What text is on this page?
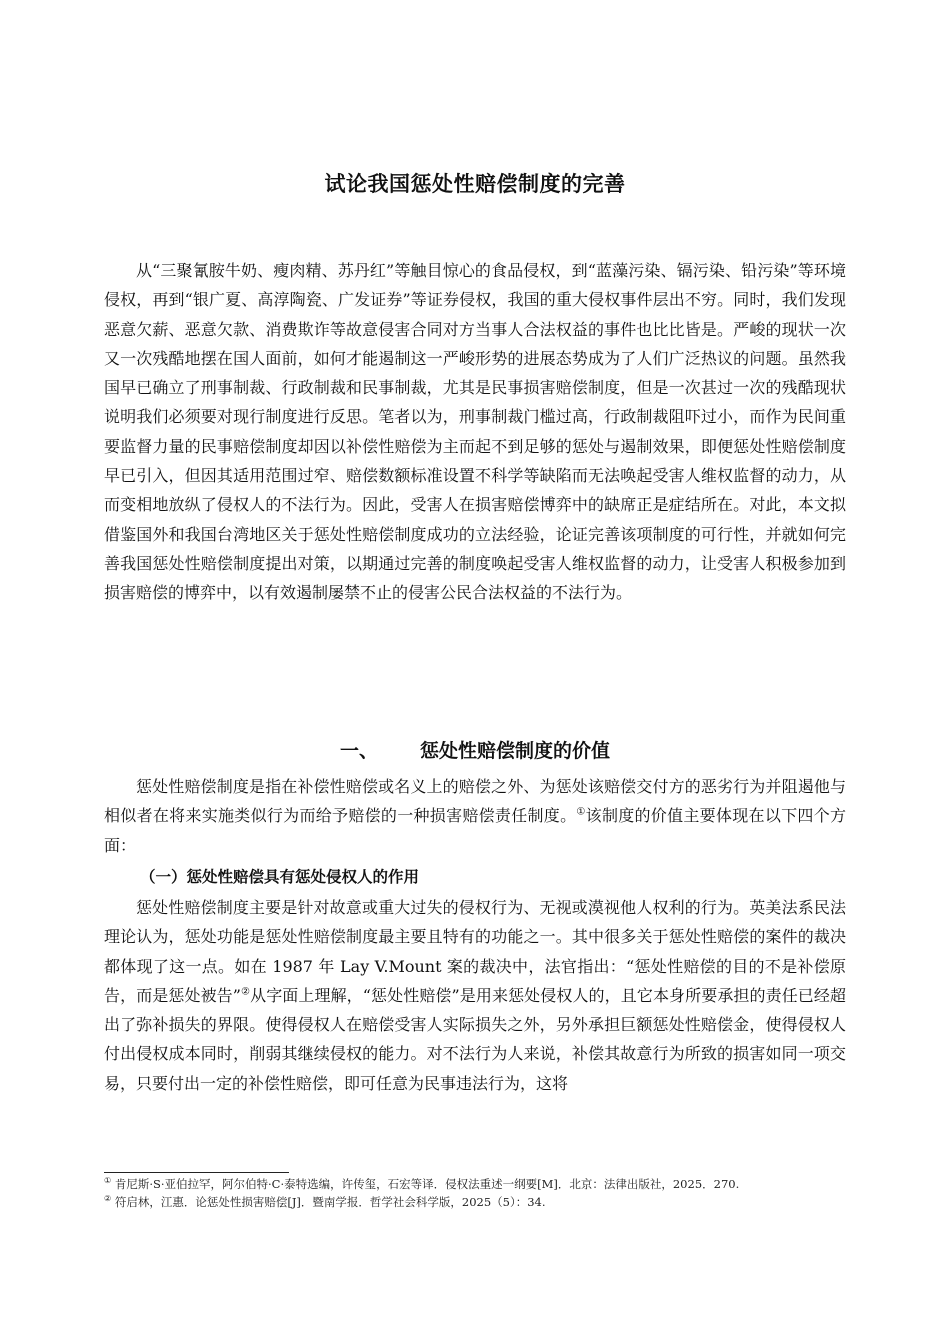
试论我国惩处性赔偿制度的完善

从“三聚氰胺牛奶、瘦肉精、苏丹红”等触目惊心的食品侵权，到“蓝藻污染、镉污染、铅污染”等环境侵权，再到“银广夏、高淳陶瓷、广发证券”等证券侵权，我国的重大侵权事件层出不穷。同时，我们发现恶意欠薪、恶意欠款、消费欺诈等故意侵害合同对方当事人合法权益的事件也比比皆是。严峻的现状一次又一次残酷地摆在国人面前，如何才能遏制这一严峻形势的进展态势成为了人们广泛热议的问题。虽然我国早已确立了刑事制裁、行政制裁和民事制裁，尤其是民事损害赔偿制度，但是一次甚过一次的残酷现状说明我们必须要对现行制度进行反思。笔者以为，刑事制裁门槛过高，行政制裁阻吓过小，而作为民间重要监督力量的民事赔偿制度却因以补偿性赔偿为主而起不到足够的惩处与遏制效果，即便惩处性赔偿制度早已引入，但因其适用范围过窄、赔偿数额标准设置不科学等缺陷而无法唤起受害人维权监督的动力，从而变相地放纵了侵权人的不法行为。因此，受害人在损害赔偿博弈中的缺席正是症结所在。对此，本文拟借鉴国外和我国台湾地区关于惩处性赔偿制度成功的立法经验，论证完善该项制度的可行性，并就如何完善我国惩处性赔偿制度提出对策，以期通过完善的制度唤起受害人维权监督的动力，让受害人积极参加到损害赔偿的博弈中，以有效遏制屡禁不止的侵害公民合法权益的不法行为。

一、 惩处性赔偿制度的价值

惩处性赔偿制度是指在补偿性赔偿或名义上的赔偿之外、为惩处该赔偿交付方的恶劣行为并阻遏他与相似者在将来实施类似行为而给予赔偿的一种损害赔偿责任制度。①该制度的价值主要体现在以下四个方面：

（一）惩处性赔偿具有惩处侵权人的作用

惩处性赔偿制度主要是针对故意或重大过失的侵权行为、无视或漠视他人权利的行为。英美法系民法理论认为，惩处功能是惩处性赔偿制度最主要且特有的功能之一。其中很多关于惩处性赔偿的案件的裁决都体现了这一点。如在 1987 年 Lay V.Mount 案的裁决中，法官指出：“惩处性赔偿的目的不是补偿原告，而是惩处被告”②从字面上理解，“惩处性赔偿”是用来惩处侵权人的，且它本身所要承担的责任已经超出了弥补损失的界限。使得侵权人在赔偿受害人实际损失之外，另外承担巨额惩处性赔偿金，使得侵权人付出侵权成本同时，削弱其继续侵权的能力。对不法行为人来说，补偿其故意行为所致的损害如同一项交易，只要付出一定的补偿性赔偿，即可任意为民事违法行为，这将

① 肯尼斯·S·亚伯拉罕，阿尔伯特·C·泰特选编，许传玺，石宏等译．侵权法重述一纲要[M]．北京：法律出版社，2025．270.

② 符启林，江惠．论惩处性损害赔偿[J]．暨南学报．哲学社会科学版，2025（5）：34.
